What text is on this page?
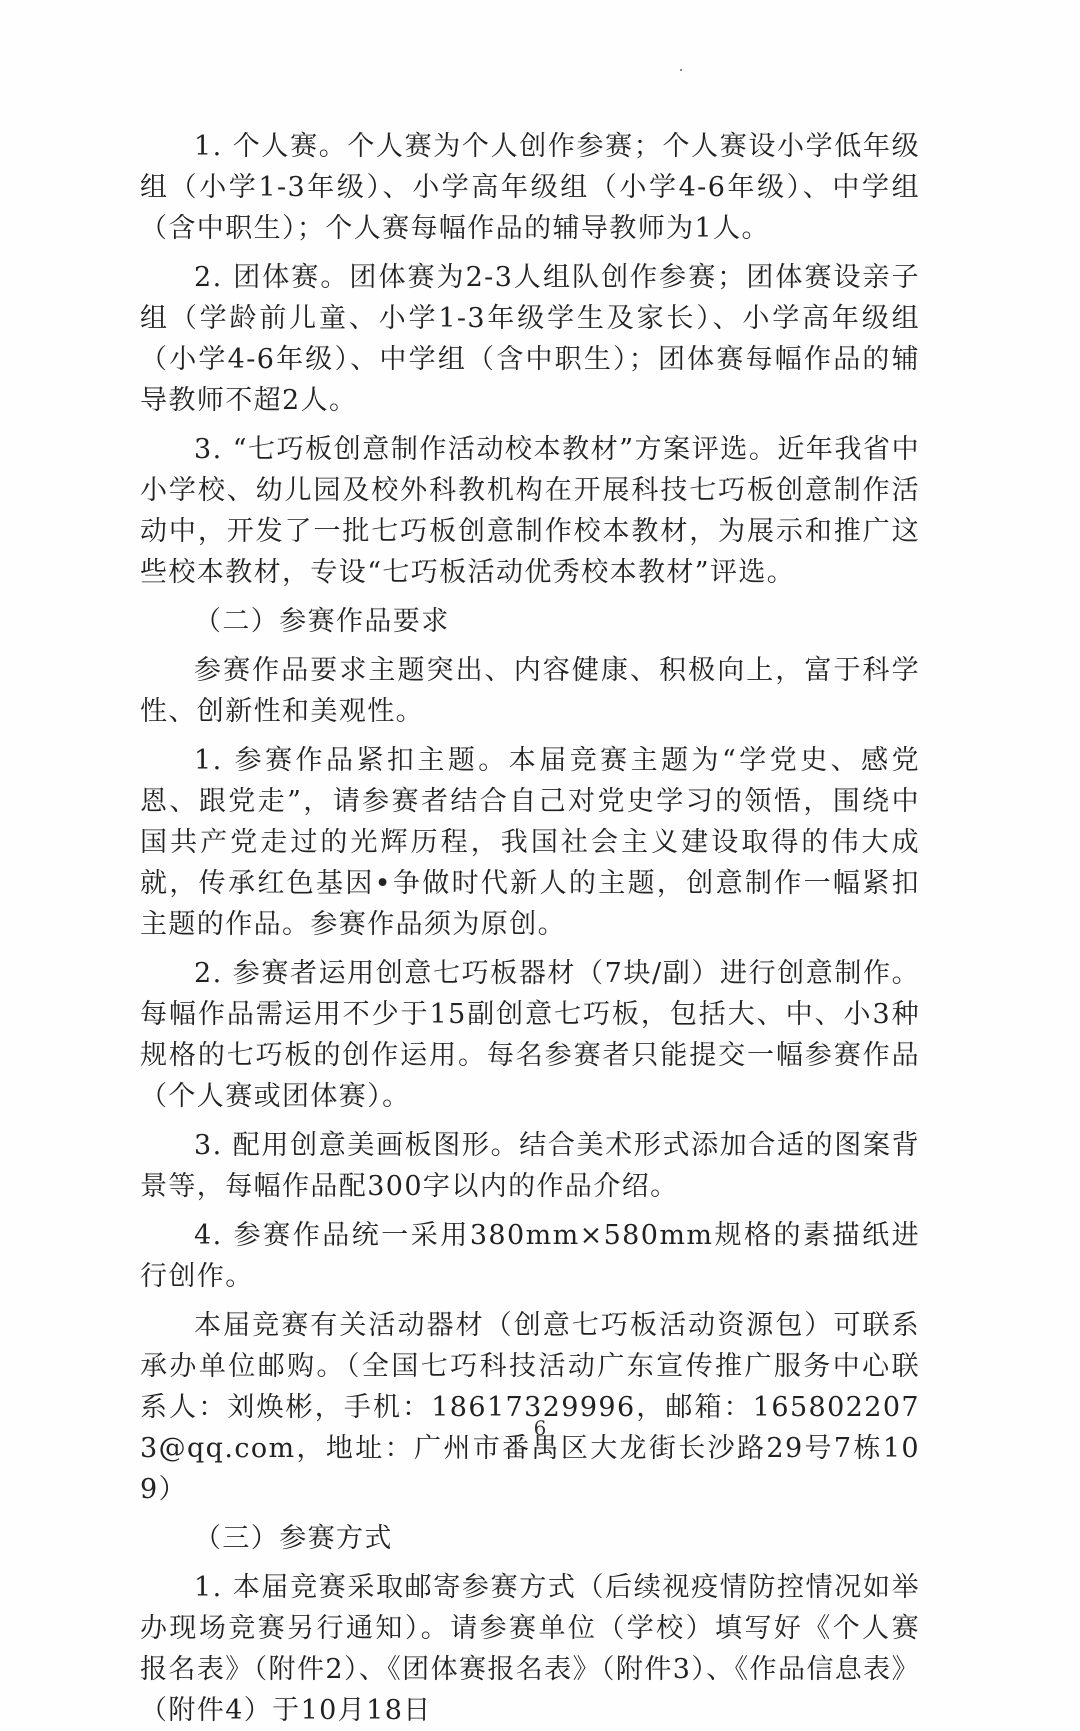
1. 个人赛。个人赛为个人创作参赛；个人赛设小学低年级组（小学1-3年级）、小学高年级组（小学4-6年级）、中学组（含中职生）；个人赛每幅作品的辅导教师为1人。

2. 团体赛。团体赛为2-3人组队创作参赛；团体赛设亲子组（学龄前儿童、小学1-3年级学生及家长）、小学高年级组（小学4-6年级）、中学组（含中职生）；团体赛每幅作品的辅导教师不超2人。

3. “七巧板创意制作活动校本教材”方案评选。近年我省中小学校、幼儿园及校外科教机构在开展科技七巧板创意制作活动中，开发了一批七巧板创意制作校本教材，为展示和推广这些校本教材，专设“七巧板活动优秀校本教材”评选。

（二）参赛作品要求

参赛作品要求主题突出、内容健康、积极向上，富于科学性、创新性和美观性。

1. 参赛作品紧扣主题。本届竞赛主题为“学党史、感党恩、跟党走”，请参赛者结合自己对党史学习的领悟，围绕中国共产党走过的光辉历程，我国社会主义建设取得的伟大成就，传承红色基因•争做时代新人的主题，创意制作一幅紧扣主题的作品。参赛作品须为原创。

2. 参赛者运用创意七巧板器材（7块/副）进行创意制作。每幅作品需运用不少于15副创意七巧板，包括大、中、小3种规格的七巧板的创作运用。每名参赛者只能提交一幅参赛作品（个人赛或团体赛）。

3. 配用创意美画板图形。结合美术形式添加合适的图案背景等，每幅作品配300字以内的作品介绍。

4. 参赛作品统一采用380mm×580mm规格的素描纸进行创作。

本届竞赛有关活动器材（创意七巧板活动资源包）可联系承办单位邮购。（全国七巧科技活动广东宣传推广服务中心联系人：刘焕彬，手机：18617329996，邮箱：1658022073@qq.com，地址：广州市番禺区大龙街长沙路29号7栋109）

（三）参赛方式

1. 本届竞赛采取邮寄参赛方式（后续视疫情防控情况如举办现场竞赛另行通知）。请参赛单位（学校）填写好《个人赛报名表》（附件2）、《团体赛报名表》（附件3）、《作品信息表》（附件4）于10月18日

6
